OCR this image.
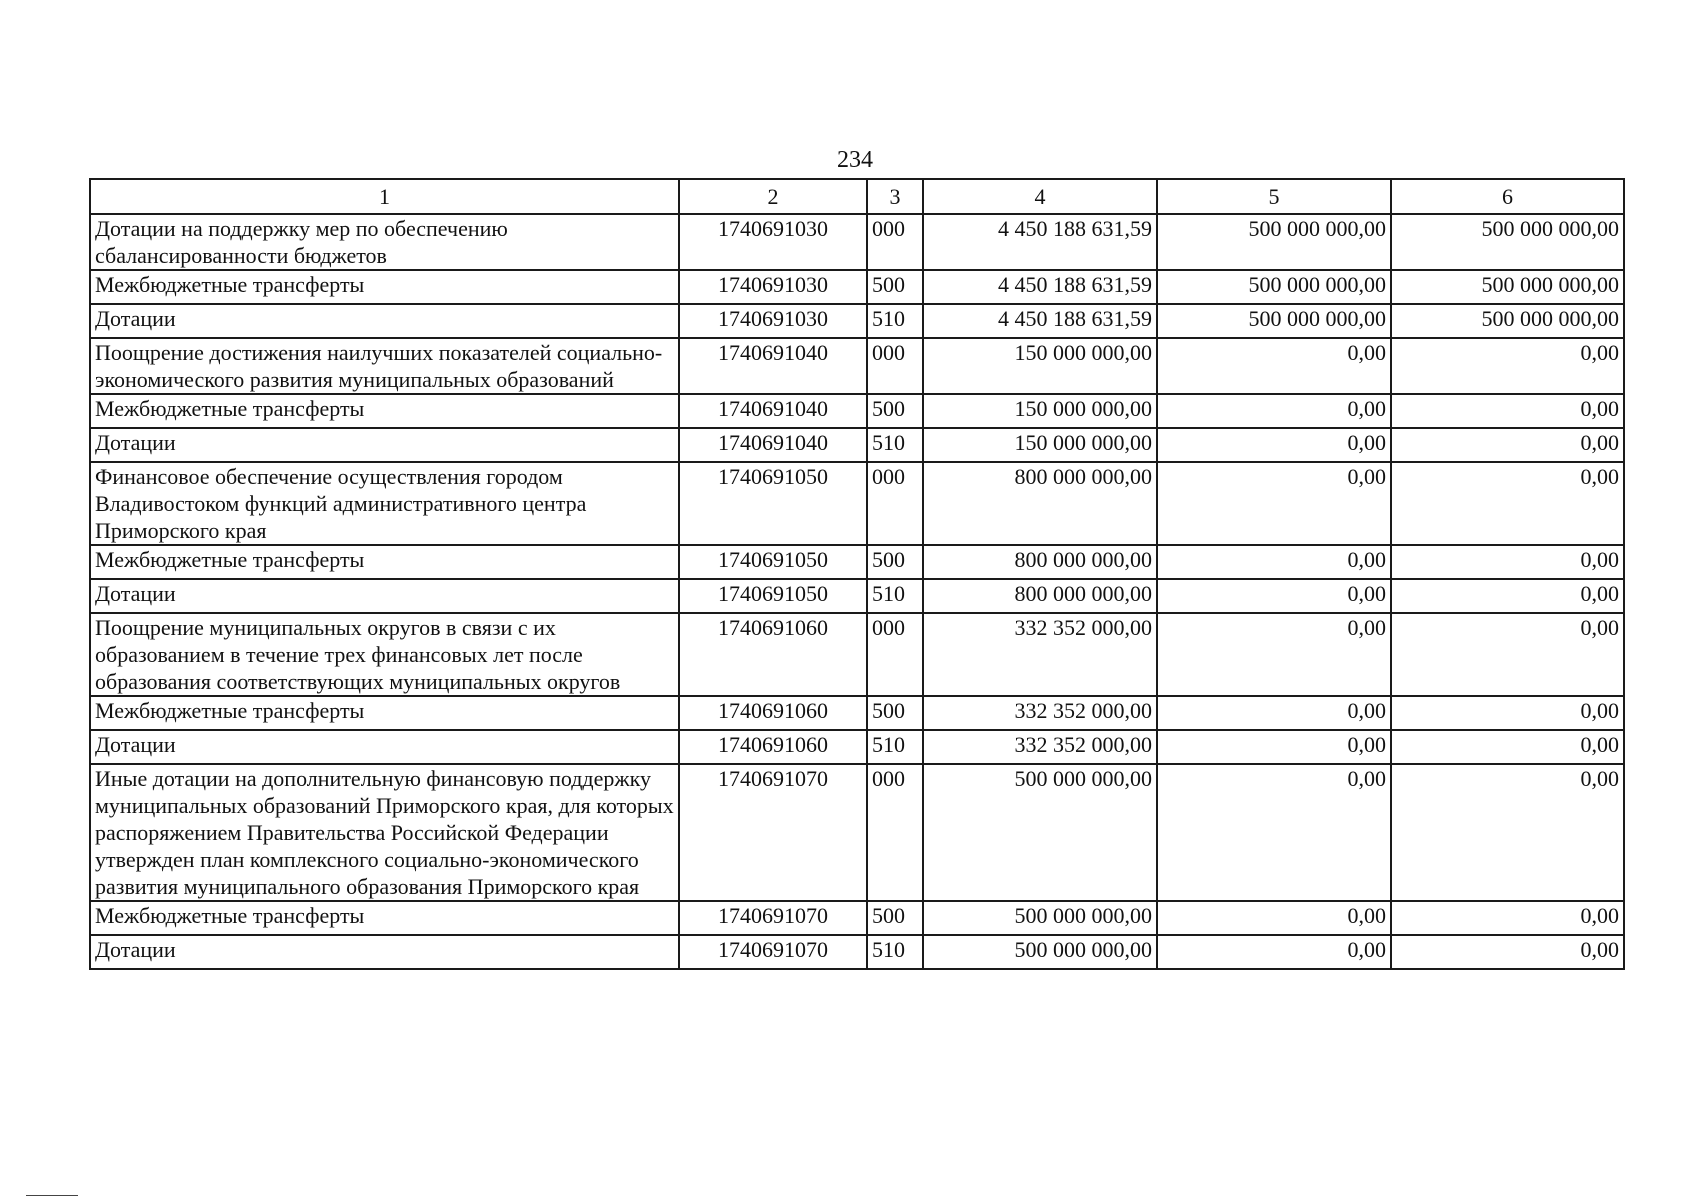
234
1	2	3	4	5	6
Дотации на поддержку мер по обеспечению сбалансированности бюджетов	1740691030	000	4 450 188 631,59	500 000 000,00	500 000 000,00
Межбюджетные трансферты	1740691030	500	4 450 188 631,59	500 000 000,00	500 000 000,00
Дотации	1740691030	510	4 450 188 631,59	500 000 000,00	500 000 000,00
Поощрение достижения наилучших показателей социально-экономического развития муниципальных образований	1740691040	000	150 000 000,00	0,00	0,00
Межбюджетные трансферты	1740691040	500	150 000 000,00	0,00	0,00
Дотации	1740691040	510	150 000 000,00	0,00	0,00
Финансовое обеспечение осуществления городом Владивостоком функций административного центра Приморского края	1740691050	000	800 000 000,00	0,00	0,00
Межбюджетные трансферты	1740691050	500	800 000 000,00	0,00	0,00
Дотации	1740691050	510	800 000 000,00	0,00	0,00
Поощрение муниципальных округов в связи с их образованием в течение трех финансовых лет после образования соответствующих муниципальных округов	1740691060	000	332 352 000,00	0,00	0,00
Межбюджетные трансферты	1740691060	500	332 352 000,00	0,00	0,00
Дотации	1740691060	510	332 352 000,00	0,00	0,00
Иные дотации на дополнительную финансовую поддержку муниципальных образований Приморского края, для которых распоряжением Правительства Российской Федерации утвержден план комплексного социально-экономического развития муниципального образования Приморского края	1740691070	000	500 000 000,00	0,00	0,00
Межбюджетные трансферты	1740691070	500	500 000 000,00	0,00	0,00
Дотации	1740691070	510	500 000 000,00	0,00	0,00
